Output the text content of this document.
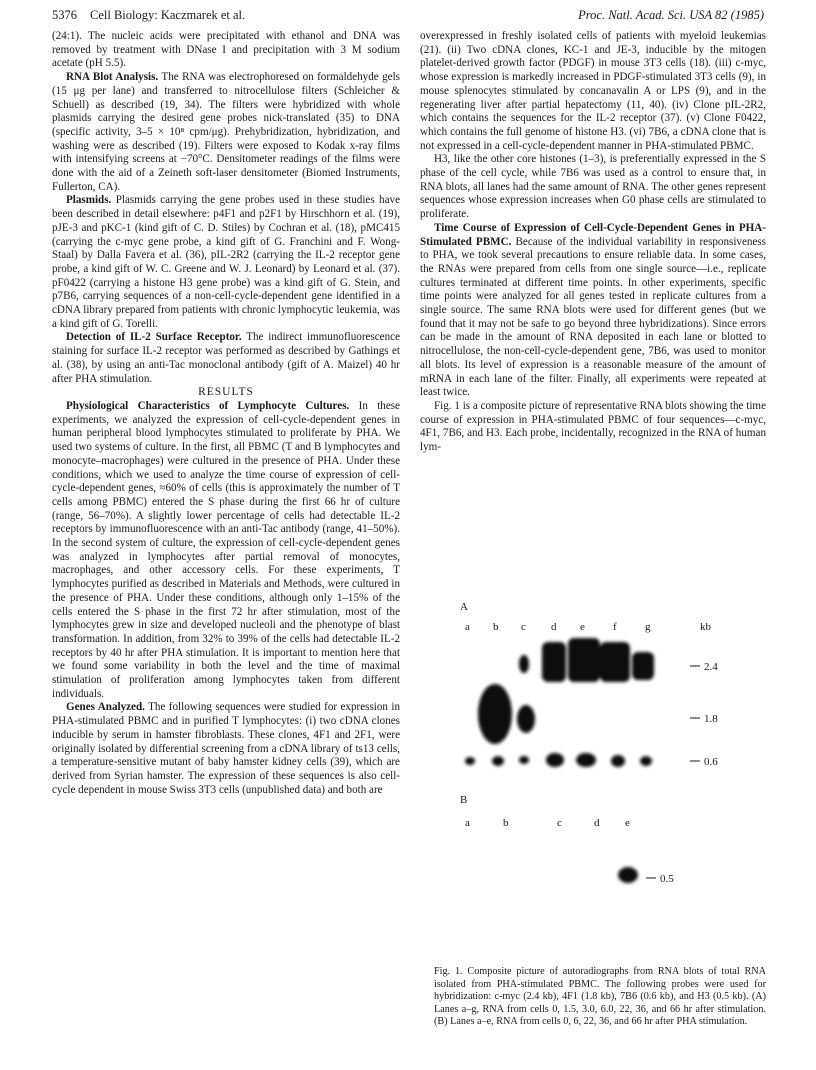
5376 Cell Biology: Kaczmarek et al.	Proc. Natl. Acad. Sci. USA 82 (1985)

(24:1). The nucleic acids were precipitated with ethanol and DNA was removed by treatment with DNase I and precipitation with 3 M sodium acetate (pH 5.5).

RNA Blot Analysis. The RNA was electrophoresed on formaldehyde gels (15 μg per lane) and transferred to nitrocellulose filters (Schleicher & Schuell) as described (19, 34). The filters were hybridized with whole plasmids carrying the desired gene probes nick-translated (35) to DNA (specific activity, 3–5 × 10⁸ cpm/μg). Prehybridization, hybridization, and washing were as described (19). Filters were exposed to Kodak x-ray films with intensifying screens at −70°C. Densitometer readings of the films were done with the aid of a Zeineth soft-laser densitometer (Biomed Instruments, Fullerton, CA).

Plasmids. Plasmids carrying the gene probes used in these studies have been described in detail elsewhere: p4F1 and p2F1 by Hirschhorn et al. (19), pJE-3 and pKC-1 (kind gift of C. D. Stiles) by Cochran et al. (18), pMC415 (carrying the c-myc gene probe, a kind gift of G. Franchini and F. Wong-Staal) by Dalla Favera et al. (36), pIL-2R2 (carrying the IL-2 receptor gene probe, a kind gift of W. C. Greene and W. J. Leonard) by Leonard et al. (37). pF0422 (carrying a histone H3 gene probe) was a kind gift of G. Stein, and p7B6, carrying sequences of a non-cell-cycle-dependent gene identified in a cDNA library prepared from patients with chronic lymphocytic leukemia, was a kind gift of G. Torelli.

Detection of IL-2 Surface Receptor. The indirect immunofluorescence staining for surface IL-2 receptor was performed as described by Gathings et al. (38), by using an anti-Tac monoclonal antibody (gift of A. Maizel) 40 hr after PHA stimulation.

RESULTS

Physiological Characteristics of Lymphocyte Cultures. In these experiments, we analyzed the expression of cell-cycle-dependent genes in human peripheral blood lymphocytes stimulated to proliferate by PHA. We used two systems of culture. In the first, all PBMC (T and B lymphocytes and monocyte–macrophages) were cultured in the presence of PHA. Under these conditions, which we used to analyze the time course of expression of cell-cycle-dependent genes, ≈60% of cells (this is approximately the number of T cells among PBMC) entered the S phase during the first 66 hr of culture (range, 56–70%). A slightly lower percentage of cells had detectable IL-2 receptors by immunofluorescence with an anti-Tac antibody (range, 41–50%). In the second system of culture, the expression of cell-cycle-dependent genes was analyzed in lymphocytes after partial removal of monocytes, macrophages, and other accessory cells. For these experiments, T lymphocytes purified as described in Materials and Methods, were cultured in the presence of PHA. Under these conditions, although only 1–15% of the cells entered the S phase in the first 72 hr after stimulation, most of the lymphocytes grew in size and developed nucleoli and the phenotype of blast transformation. In addition, from 32% to 39% of the cells had detectable IL-2 receptors by 40 hr after PHA stimulation. It is important to mention here that we found some variability in both the level and the time of maximal stimulation of proliferation among lymphocytes taken from different individuals.

Genes Analyzed. The following sequences were studied for expression in PHA-stimulated PBMC and in purified T lymphocytes: (i) two cDNA clones inducible by serum in hamster fibroblasts. These clones, 4F1 and 2F1, were originally isolated by differential screening from a cDNA library of ts13 cells, a temperature-sensitive mutant of baby hamster kidney cells (39), which are derived from Syrian hamster. The expression of these sequences is also cell-cycle dependent in mouse Swiss 3T3 cells (unpublished data) and both are

overexpressed in freshly isolated cells of patients with myeloid leukemias (21). (ii) Two cDNA clones, KC-1 and JE-3, inducible by the mitogen platelet-derived growth factor (PDGF) in mouse 3T3 cells (18). (iii) c-myc, whose expression is markedly increased in PDGF-stimulated 3T3 cells (9), in mouse splenocytes stimulated by concanavalin A or LPS (9), and in the regenerating liver after partial hepatectomy (11, 40). (iv) Clone pIL-2R2, which contains the sequences for the IL-2 receptor (37). (v) Clone F0422, which contains the full genome of histone H3. (vi) 7B6, a cDNA clone that is not expressed in a cell-cycle-dependent manner in PHA-stimulated PBMC.

H3, like the other core histones (1–3), is preferentially expressed in the S phase of the cell cycle, while 7B6 was used as a control to ensure that, in RNA blots, all lanes had the same amount of RNA. The other genes represent sequences whose expression increases when G0 phase cells are stimulated to proliferate.

Time Course of Expression of Cell-Cycle-Dependent Genes in PHA-Stimulated PBMC. Because of the individual variability in responsiveness to PHA, we took several precautions to ensure reliable data. In some cases, the RNAs were prepared from cells from one single source—i.e., replicate cultures terminated at different time points. In other experiments, specific time points were analyzed for all genes tested in replicate cultures from a single source. The same RNA blots were used for different genes (but we found that it may not be safe to go beyond three hybridizations). Since errors can be made in the amount of RNA deposited in each lane or blotted to nitrocellulose, the non-cell-cycle-dependent gene, 7B6, was used to monitor all blots. Its level of expression is a reasonable measure of the amount of mRNA in each lane of the filter. Finally, all experiments were repeated at least twice.

Fig. 1 is a composite picture of representative RNA blots showing the time course of expression in PHA-stimulated PBMC of four sequences—c-myc, 4F1, 7B6, and H3. Each probe, incidentally, recognized in the RNA of human lym-

A
a b c d e	f	g	kb
2.4
1.8
0.6
B
a	b	c	d e
0.5
Fig. 1. Composite picture of autoradiographs from RNA blots of total RNA isolated from PHA-stimulated PBMC. The following probes were used for hybridization: c-myc (2.4 kb), 4F1 (1.8 kb), 7B6 (0.6 kb), and H3 (0.5 kb). (A) Lanes a–g, RNA from cells 0, 1.5, 3.0, 6.0, 22, 36, and 66 hr after stimulation. (B) Lanes a–e, RNA from cells 0, 6, 22, 36, and 66 hr after PHA stimulation.
